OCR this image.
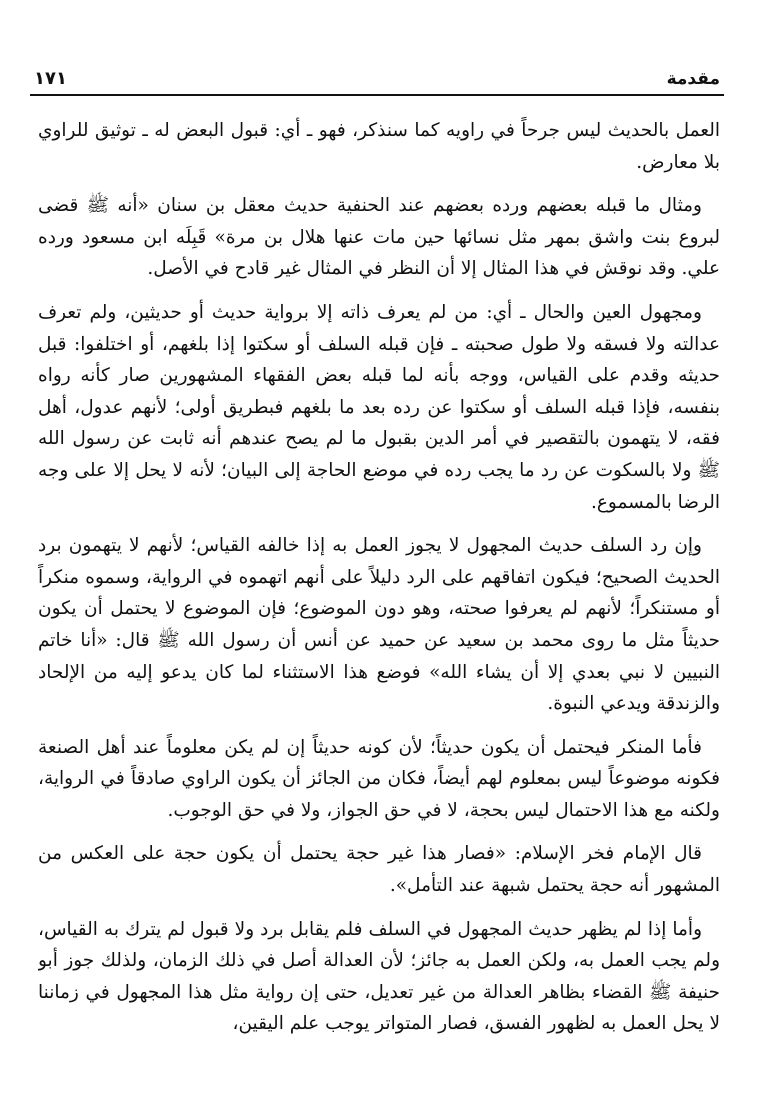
مقدمة
١٧١

العمل بالحديث ليس جرحاً في راويه كما سنذكر، فهو ـ أي: قبول البعض له ـ توثيق للراوي بلا معارض.

ومثال ما قبله بعضهم ورده بعضهم عند الحنفية حديث معقل بن سنان «أنه ﷺ قضى لبروع بنت واشق بمهر مثل نسائها حين مات عنها هلال بن مرة» قَبِلَه ابن مسعود ورده علي. وقد نوقش في هذا المثال إلا أن النظر في المثال غير قادح في الأصل.

ومجهول العين والحال ـ أي: من لم يعرف ذاته إلا برواية حديث أو حديثين، ولم تعرف عدالته ولا فسقه ولا طول صحبته ـ فإن قبله السلف أو سكتوا إذا بلغهم، أو اختلفوا: قبل حديثه وقدم على القياس، ووجه بأنه لما قبله بعض الفقهاء المشهورين صار كأنه رواه بنفسه، فإذا قبله السلف أو سكتوا عن رده بعد ما بلغهم فبطريق أولى؛ لأنهم عدول، أهل فقه، لا يتهمون بالتقصير في أمر الدين بقبول ما لم يصح عندهم أنه ثابت عن رسول الله ﷺ ولا بالسكوت عن رد ما يجب رده في موضع الحاجة إلى البيان؛ لأنه لا يحل إلا على وجه الرضا بالمسموع.

وإن رد السلف حديث المجهول لا يجوز العمل به إذا خالفه القياس؛ لأنهم لا يتهمون برد الحديث الصحيح؛ فيكون اتفاقهم على الرد دليلاً على أنهم اتهموه في الرواية، وسموه منكراً أو مستنكراً؛ لأنهم لم يعرفوا صحته، وهو دون الموضوع؛ فإن الموضوع لا يحتمل أن يكون حديثاً مثل ما روى محمد بن سعيد عن حميد عن أنس أن رسول الله ﷺ قال: «أنا خاتم النبيين لا نبي بعدي إلا أن يشاء الله» فوضع هذا الاستثناء لما كان يدعو إليه من الإلحاد والزندقة ويدعي النبوة.

فأما المنكر فيحتمل أن يكون حديثاً؛ لأن كونه حديثاً إن لم يكن معلوماً عند أهل الصنعة فكونه موضوعاً ليس بمعلوم لهم أيضاً، فكان من الجائز أن يكون الراوي صادقاً في الرواية، ولكنه مع هذا الاحتمال ليس بحجة، لا في حق الجواز، ولا في حق الوجوب.

قال الإمام فخر الإسلام: «فصار هذا غير حجة يحتمل أن يكون حجة على العكس من المشهور أنه حجة يحتمل شبهة عند التأمل».

وأما إذا لم يظهر حديث المجهول في السلف فلم يقابل برد ولا قبول لم يترك به القياس، ولم يجب العمل به، ولكن العمل به جائز؛ لأن العدالة أصل في ذلك الزمان، ولذلك جوز أبو حنيفة ﷺ القضاء بظاهر العدالة من غير تعديل، حتى إن رواية مثل هذا المجهول في زماننا لا يحل العمل به لظهور الفسق، فصار المتواتر يوجب علم اليقين،
